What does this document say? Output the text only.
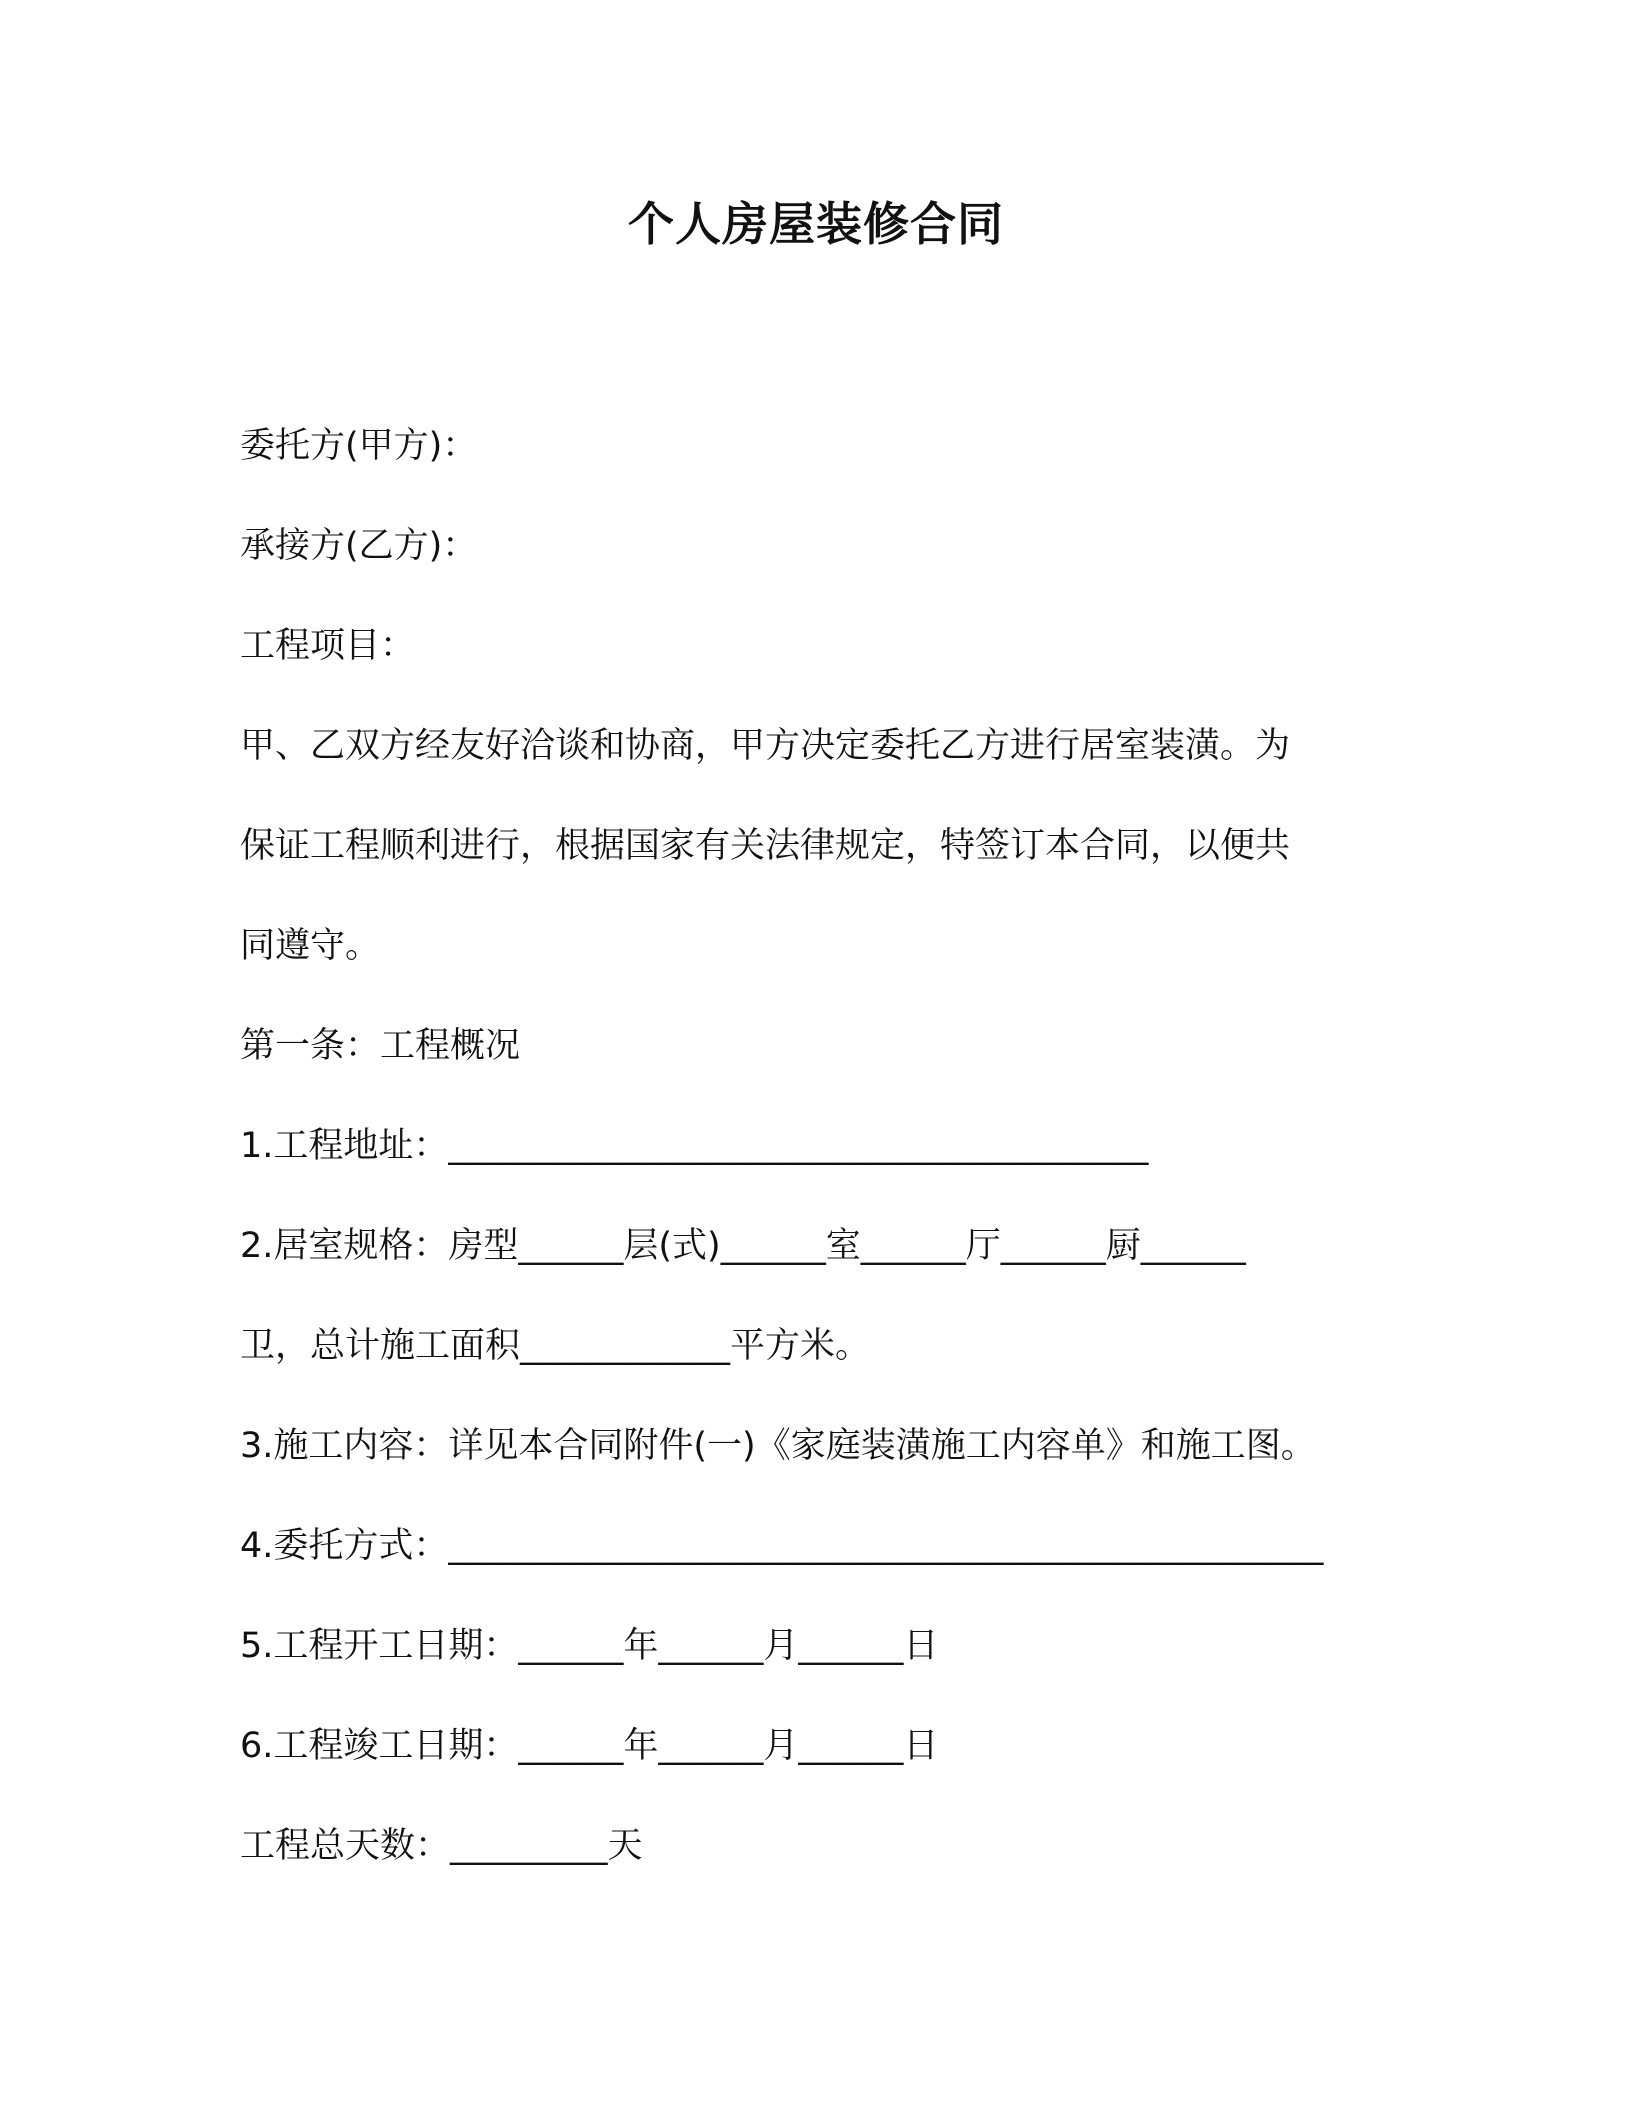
个人房屋装修合同
委托方(甲方)：
承接方(乙方)：
工程项目：
甲、乙双方经友好洽谈和协商，甲方决定委托乙方进行居室装潢。为
保证工程顺利进行，根据国家有关法律规定，特签订本合同，以便共
同遵守。
第一条：工程概况
1.工程地址：________________________________________
2.居室规格：房型______层(式)______室______厅______厨______
卫，总计施工面积____________平方米。
3.施工内容：详见本合同附件(一)《家庭装潢施工内容单》和施工图。
4.委托方式：__________________________________________________
5.工程开工日期：______年______月______日
6.工程竣工日期：______年______月______日
工程总天数：_________天
